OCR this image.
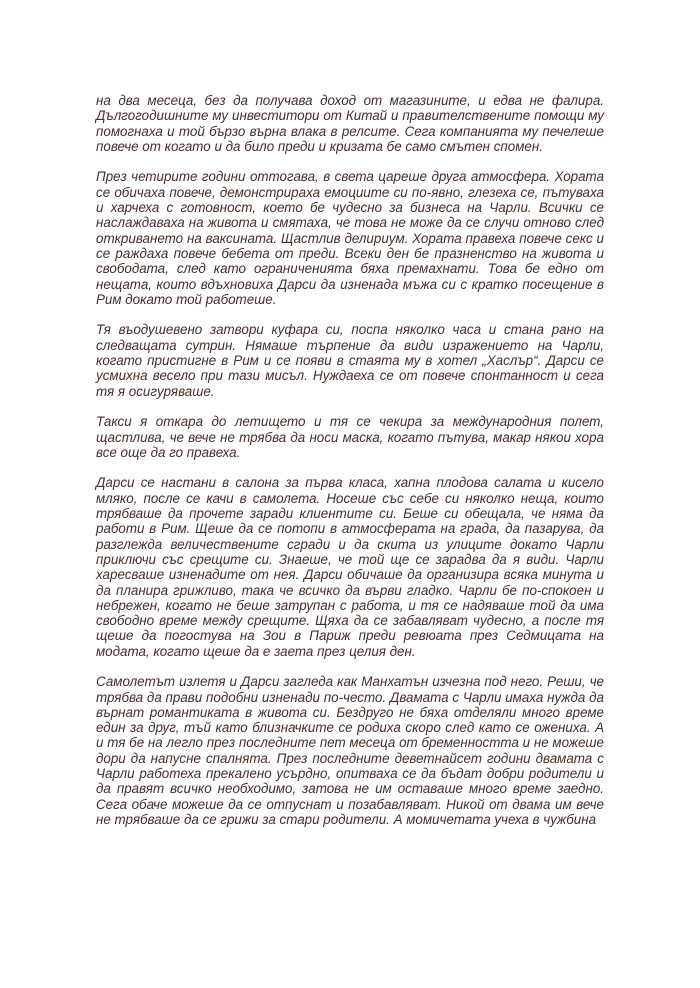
на два месеца, без да получава доход от магазините, и едва не фалира. Дългогодишните му инвеститори от Китай и правителствените помощи му помогнаха и той бързо върна влака в релсите. Сега компанията му печелеше повече от когато и да било преди и кризата бе само смътен спомен.

През четирите години оттогава, в света цареше друга атмосфера. Хората се обичаха повече, демонстрираха емоциите си по-явно, глезеха се, пътуваха и харчеха с готовност, което бе чудесно за бизнеса на Чарли. Всички се наслаждаваха на живота и смятаха, че това не може да се случи отново след откриването на ваксината. Щастлив делириум. Хората правеха повече секс и се раждаха повече бебета от преди. Всеки ден бе празненство на живота и свободата, след като ограниченията бяха премахнати. Това бе едно от нещата, които вдъхновиха Дарси да изненада мъжа си с кратко посещение в Рим докато той работеше.

Тя въодушевено затвори куфара си, поспа няколко часа и стана рано на следващата сутрин. Нямаше търпение да види изражението на Чарли, когато пристигне в Рим и се появи в стаята му в хотел „Хаслър“. Дарси се усмихна весело при тази мисъл. Нуждаеха се от повече спонтанност и сега тя я осигуряваше.

Такси я откара до летището и тя се чекира за международния полет, щастлива, че вече не трябва да носи маска, когато пътува, макар някои хора все още да го правеха.

Дарси се настани в салона за първа класа, хапна плодова салата и кисело мляко, после се качи в самолета. Носеше със себе си няколко неща, които трябваше да прочете заради клиентите си. Беше си обещала, че няма да работи в Рим. Щеше да се потопи в атмосферата на града, да пазарува, да разглежда величествените сгради и да скита из улиците докато Чарли приключи със срещите си. Знаеше, че той ще се зарадва да я види. Чарли харесваше изненадите от нея. Дарси обичаше да организира всяка минута и да планира грижливо, така че всичко да върви гладко. Чарли бе по-спокоен и небрежен, когато не беше затрупан с работа, и тя се надяваше той да има свободно време между срещите. Щяха да се забавляват чудесно, а после тя щеше да погостува на Зои в Париж преди ревюата през Седмицата на модата, когато щеше да е заета през целия ден.

Самолетът излетя и Дарси загледа как Манхатън изчезна под него. Реши, че трябва да прави подобни изненади по-често. Двамата с Чарли имаха нужда да върнат романтиката в живота си. Бездруго не бяха отделяли много време един за друг, тъй като близначките се родиха скоро след като се ожениха. А и тя бе на легло през последните пет месеца от бременността и не можеше дори да напусне спалнята. През последните деветнайсет години двамата с Чарли работеха прекалено усърдно, опитваха се да бъдат добри родители и да правят всичко необходимо, затова не им оставаше много време заедно. Сега обаче можеше да се отпуснат и позабавляват. Никой от двама им вече не трябваше да се грижи за стари родители. А момичетата учеха в чужбина
